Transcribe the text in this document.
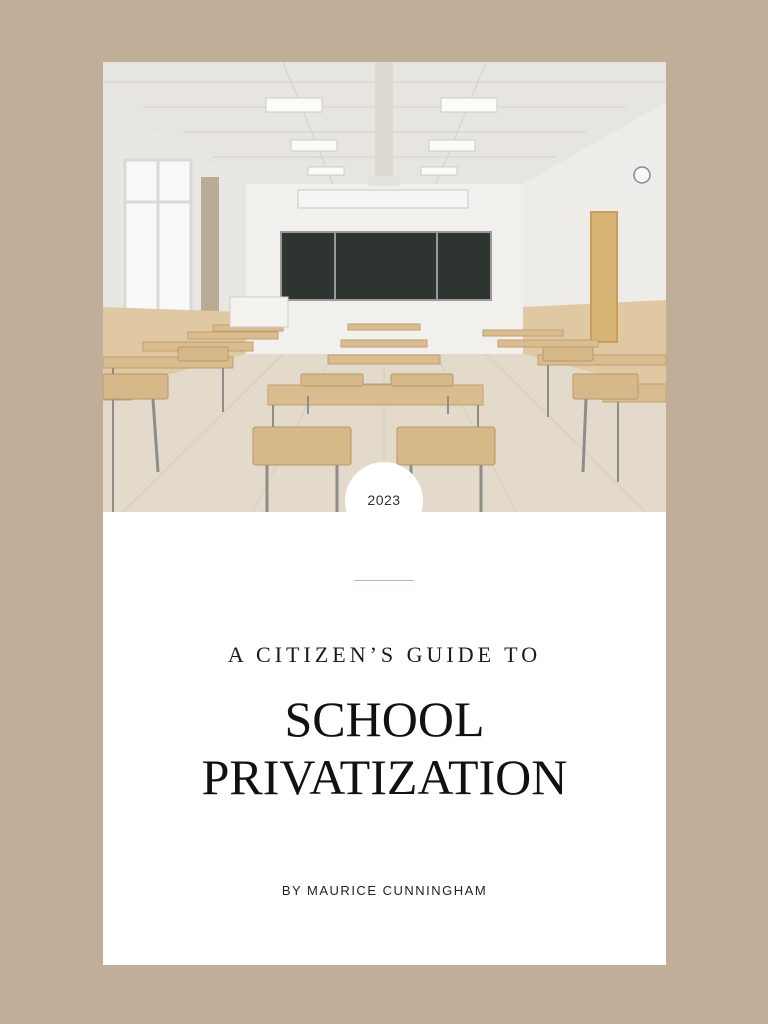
2023
A CITIZEN’S GUIDE TO
SCHOOL
PRIVATIZATION
BY MAURICE CUNNINGHAM
